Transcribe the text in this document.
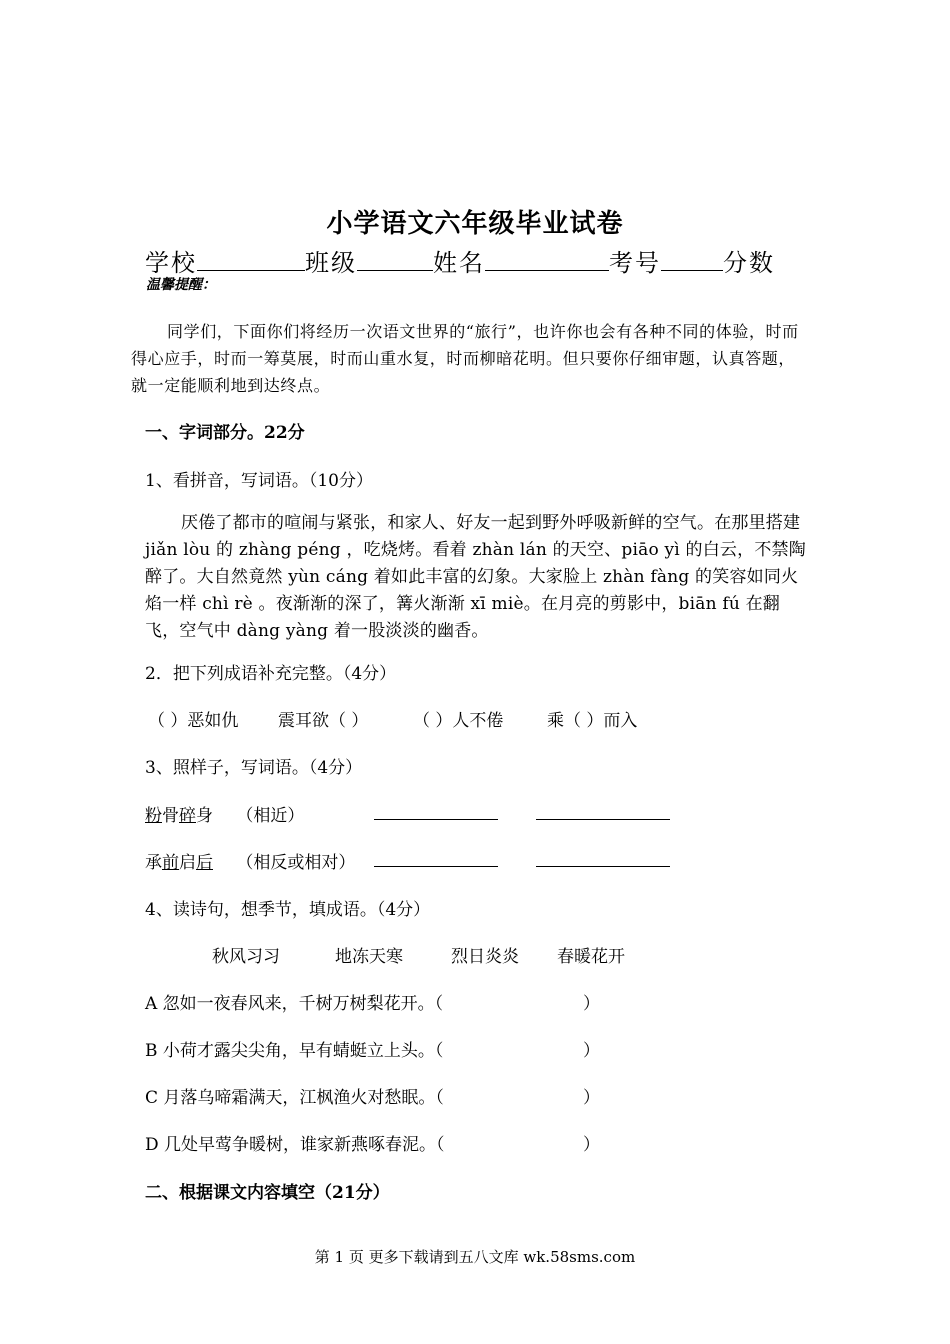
小学语文六年级毕业试卷
学校	班级	姓名	考号	分数
温馨提醒：
同学们，下面你们将经历一次语文世界的“旅行”，也许你也会有各种不同的体验，时而得心应手，时而一筹莫展，时而山重水复，时而柳暗花明。但只要你仔细审题，认真答题，就一定能顺利地到达终点。
一、字词部分。22分
1、看拼音，写词语。（10分）
厌倦了都市的喧闹与紧张，和家人、好友一起到野外呼吸新鲜的空气。在那里搭建 jiǎn lòu 的 zhàng péng ，吃烧烤。看着 zhàn lán 的天空、piāo yì 的白云，不禁陶醉了。大自然竟然 yùn cáng 着如此丰富的幻象。大家脸上 zhàn fàng 的笑容如同火焰一样 chì rè 。夜渐渐的深了，篝火渐渐 xī miè。在月亮的剪影中，biān fú 在翻飞，空气中 dàng yàng 着一股淡淡的幽香。
2．把下列成语补充完整。（4分）
（ ）恶如仇 震耳欲（ ）	（ ）人不倦	乘（ ）而入
3、照样子，写词语。（4分）
粉骨碎身 （相近）
承前启后 （相反或相对）
4、读诗句，想季节，填成语。（4分）
秋风习习	地冻天寒	烈日炎炎 春暖花开
A 忽如一夜春风来，千树万树梨花开。（	）
B 小荷才露尖尖角，早有蜻蜓立上头。（	）
C 月落乌啼霜满天，江枫渔火对愁眠。（	）
D 几处早莺争暖树，谁家新燕啄春泥。（	）
二、根据课文内容填空（21分）
第 1 页 更多下载请到五八文库 wk.58sms.com
